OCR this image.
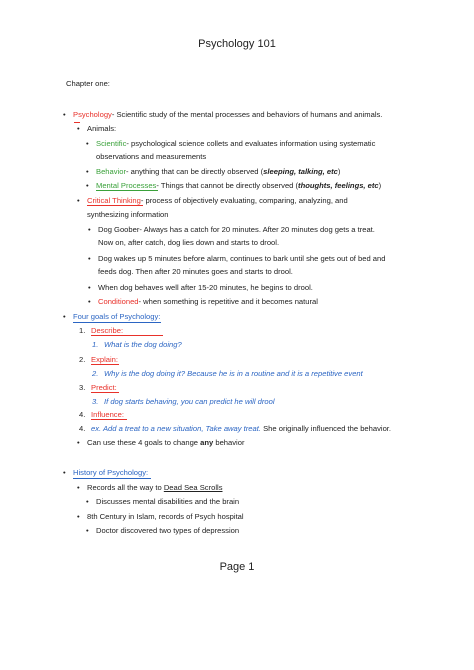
Psychology 101
Chapter one:
• Psychology- Scientific study of the mental processes and behaviors of humans and animals.
• Animals:
• Scientific- psychological science collets and evaluates information using systematic
observations and measurements
• Behavior- anything that can be directly observed (sleeping, talking, etc)
• Mental Processes- Things that cannot be directly observed (thoughts, feelings, etc)
• Critical Thinking- process of objectively evaluating, comparing, analyzing, and
synthesizing information
• Dog Goober- Always has a catch for 20 minutes. After 20 minutes dog gets a treat.
Now on, after catch, dog lies down and starts to drool.
• Dog wakes up 5 minutes before alarm, continues to bark until she gets out of bed and
feeds dog. Then after 20 minutes goes and starts to drool.
• When dog behaves well after 15-20 minutes, he begins to drool.
• Conditioned- when something is repetitive and it becomes natural
• Four goals of Psychology:
1. Describe:
1. What is the dog doing?
2. Explain:
2. Why is the dog doing it? Because he is in a routine and it is a repetitive event
3. Predict:
3. If dog starts behaving, you can predict he will drool
4. Influence:
4. ex. Add a treat to a new situation, Take away treat. She originally influenced the behavior.
• Can use these 4 goals to change any behavior
• History of Psychology:
• Records all the way to Dead Sea Scrolls
• Discusses mental disabilities and the brain
• 8th Century in Islam, records of Psych hospital
• Doctor discovered two types of depression
Page 1
